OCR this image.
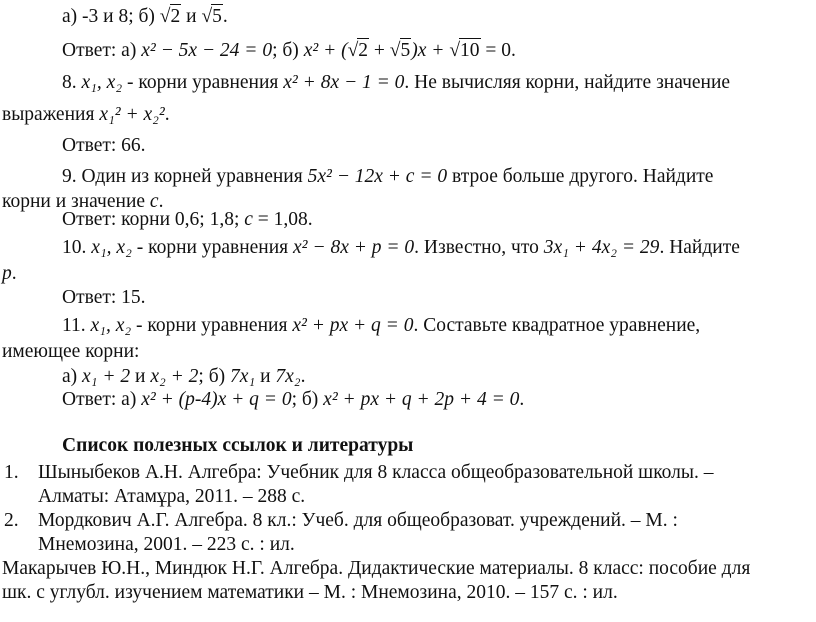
а) -3 и 8; б) √2 и √5.
Ответ: а) x² − 5x − 24 = 0; б) x² + (√2 + √5)x + √10 = 0.
8. x₁, x₂ - корни уравнения x² + 8x − 1 = 0. Не вычисляя корни, найдите значение
выражения x₁² + x₂².
Ответ: 66.
9. Один из корней уравнения 5x² − 12x + c = 0 втрое больше другого. Найдите
корни и значение c.
Ответ: корни 0,6; 1,8; c = 1,08.
10. x₁, x₂ - корни уравнения x² − 8x + p = 0. Известно, что 3x₁ + 4x₂ = 29. Найдите
p.
Ответ: 15.
11. x₁, x₂ - корни уравнения x² + px + q = 0. Составьте квадратное уравнение,
имеющее корни:
а) x₁ + 2 и x₂ + 2; б) 7x₁ и 7x₂.
Ответ: а) x² + (p-4)x + q = 0; б) x² + px + q + 2p + 4 = 0.
Список полезных ссылок и литературы
1. Шыныбеков А.Н. Алгебра: Учебник для 8 класса общеобразовательной школы. –
Алматы: Атамұра, 2011. – 288 с.
2. Мордкович А.Г. Алгебра. 8 кл.: Учеб. для общеобразоват. учреждений. – М. :
Мнемозина, 2001. – 223 с. : ил.
Макарычев Ю.Н., Миндюк Н.Г. Алгебра. Дидактические материалы. 8 класс: пособие для
шк. с углубл. изучением математики – М. : Мнемозина, 2010. – 157 с. : ил.
